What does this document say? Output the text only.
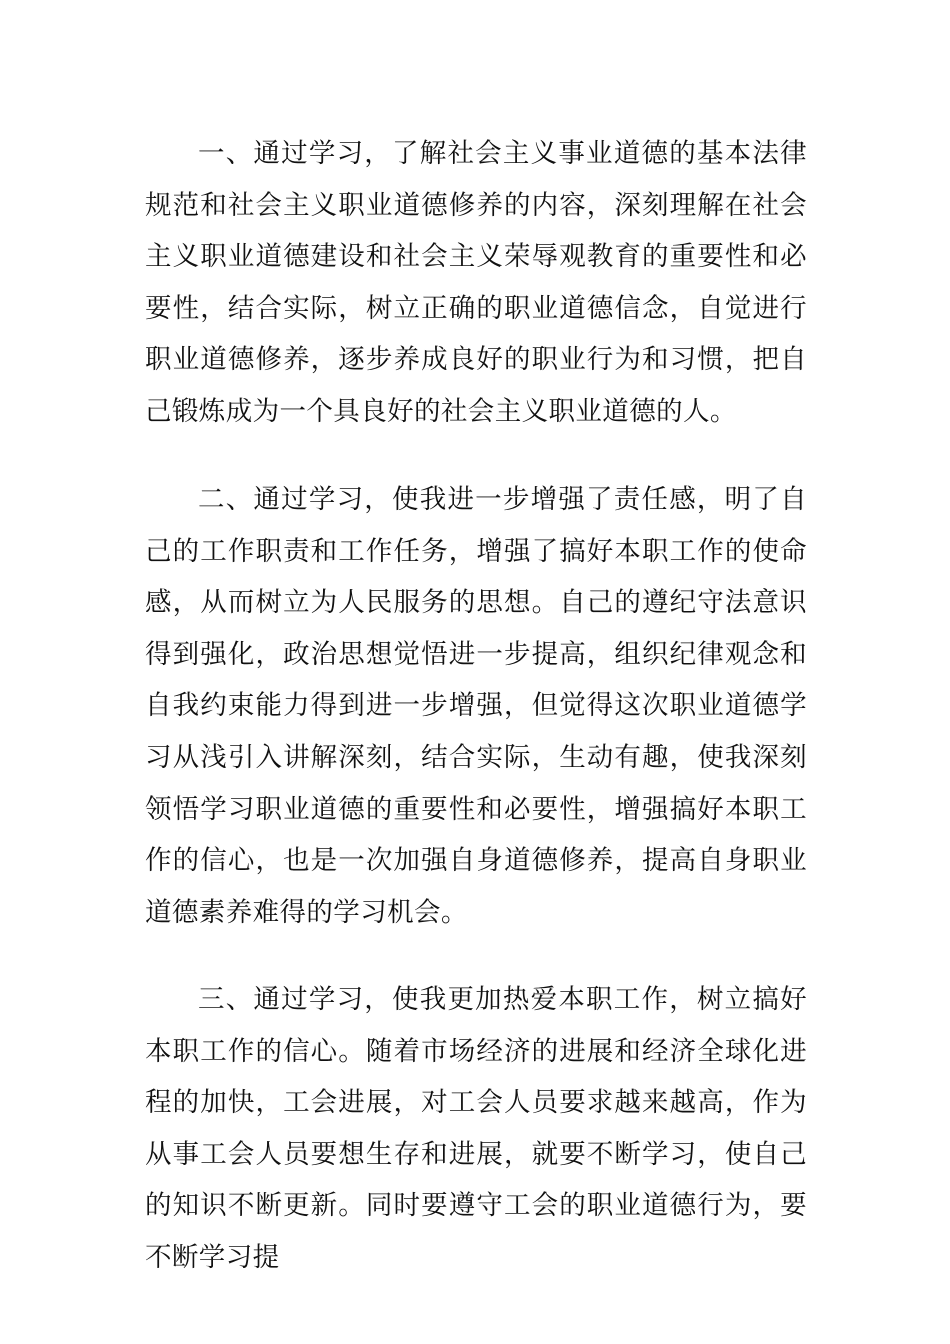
一、通过学习，了解社会主义事业道德的基本法律规范和社会主义职业道德修养的内容，深刻理解在社会主义职业道德建设和社会主义荣辱观教育的重要性和必要性，结合实际，树立正确的职业道德信念，自觉进行职业道德修养，逐步养成良好的职业行为和习惯，把自己锻炼成为一个具良好的社会主义职业道德的人。

二、通过学习，使我进一步增强了责任感，明了自己的工作职责和工作任务，增强了搞好本职工作的使命感，从而树立为人民服务的思想。自己的遵纪守法意识得到强化，政治思想觉悟进一步提高，组织纪律观念和自我约束能力得到进一步增强，但觉得这次职业道德学习从浅引入讲解深刻，结合实际，生动有趣，使我深刻领悟学习职业道德的重要性和必要性，增强搞好本职工作的信心，也是一次加强自身道德修养，提高自身职业道德素养难得的学习机会。

三、通过学习，使我更加热爱本职工作，树立搞好本职工作的信心。随着市场经济的进展和经济全球化进程的加快，工会进展，对工会人员要求越来越高，作为从事工会人员要想生存和进展，就要不断学习，使自己的知识不断更新。同时要遵守工会的职业道德行为，要不断学习提
